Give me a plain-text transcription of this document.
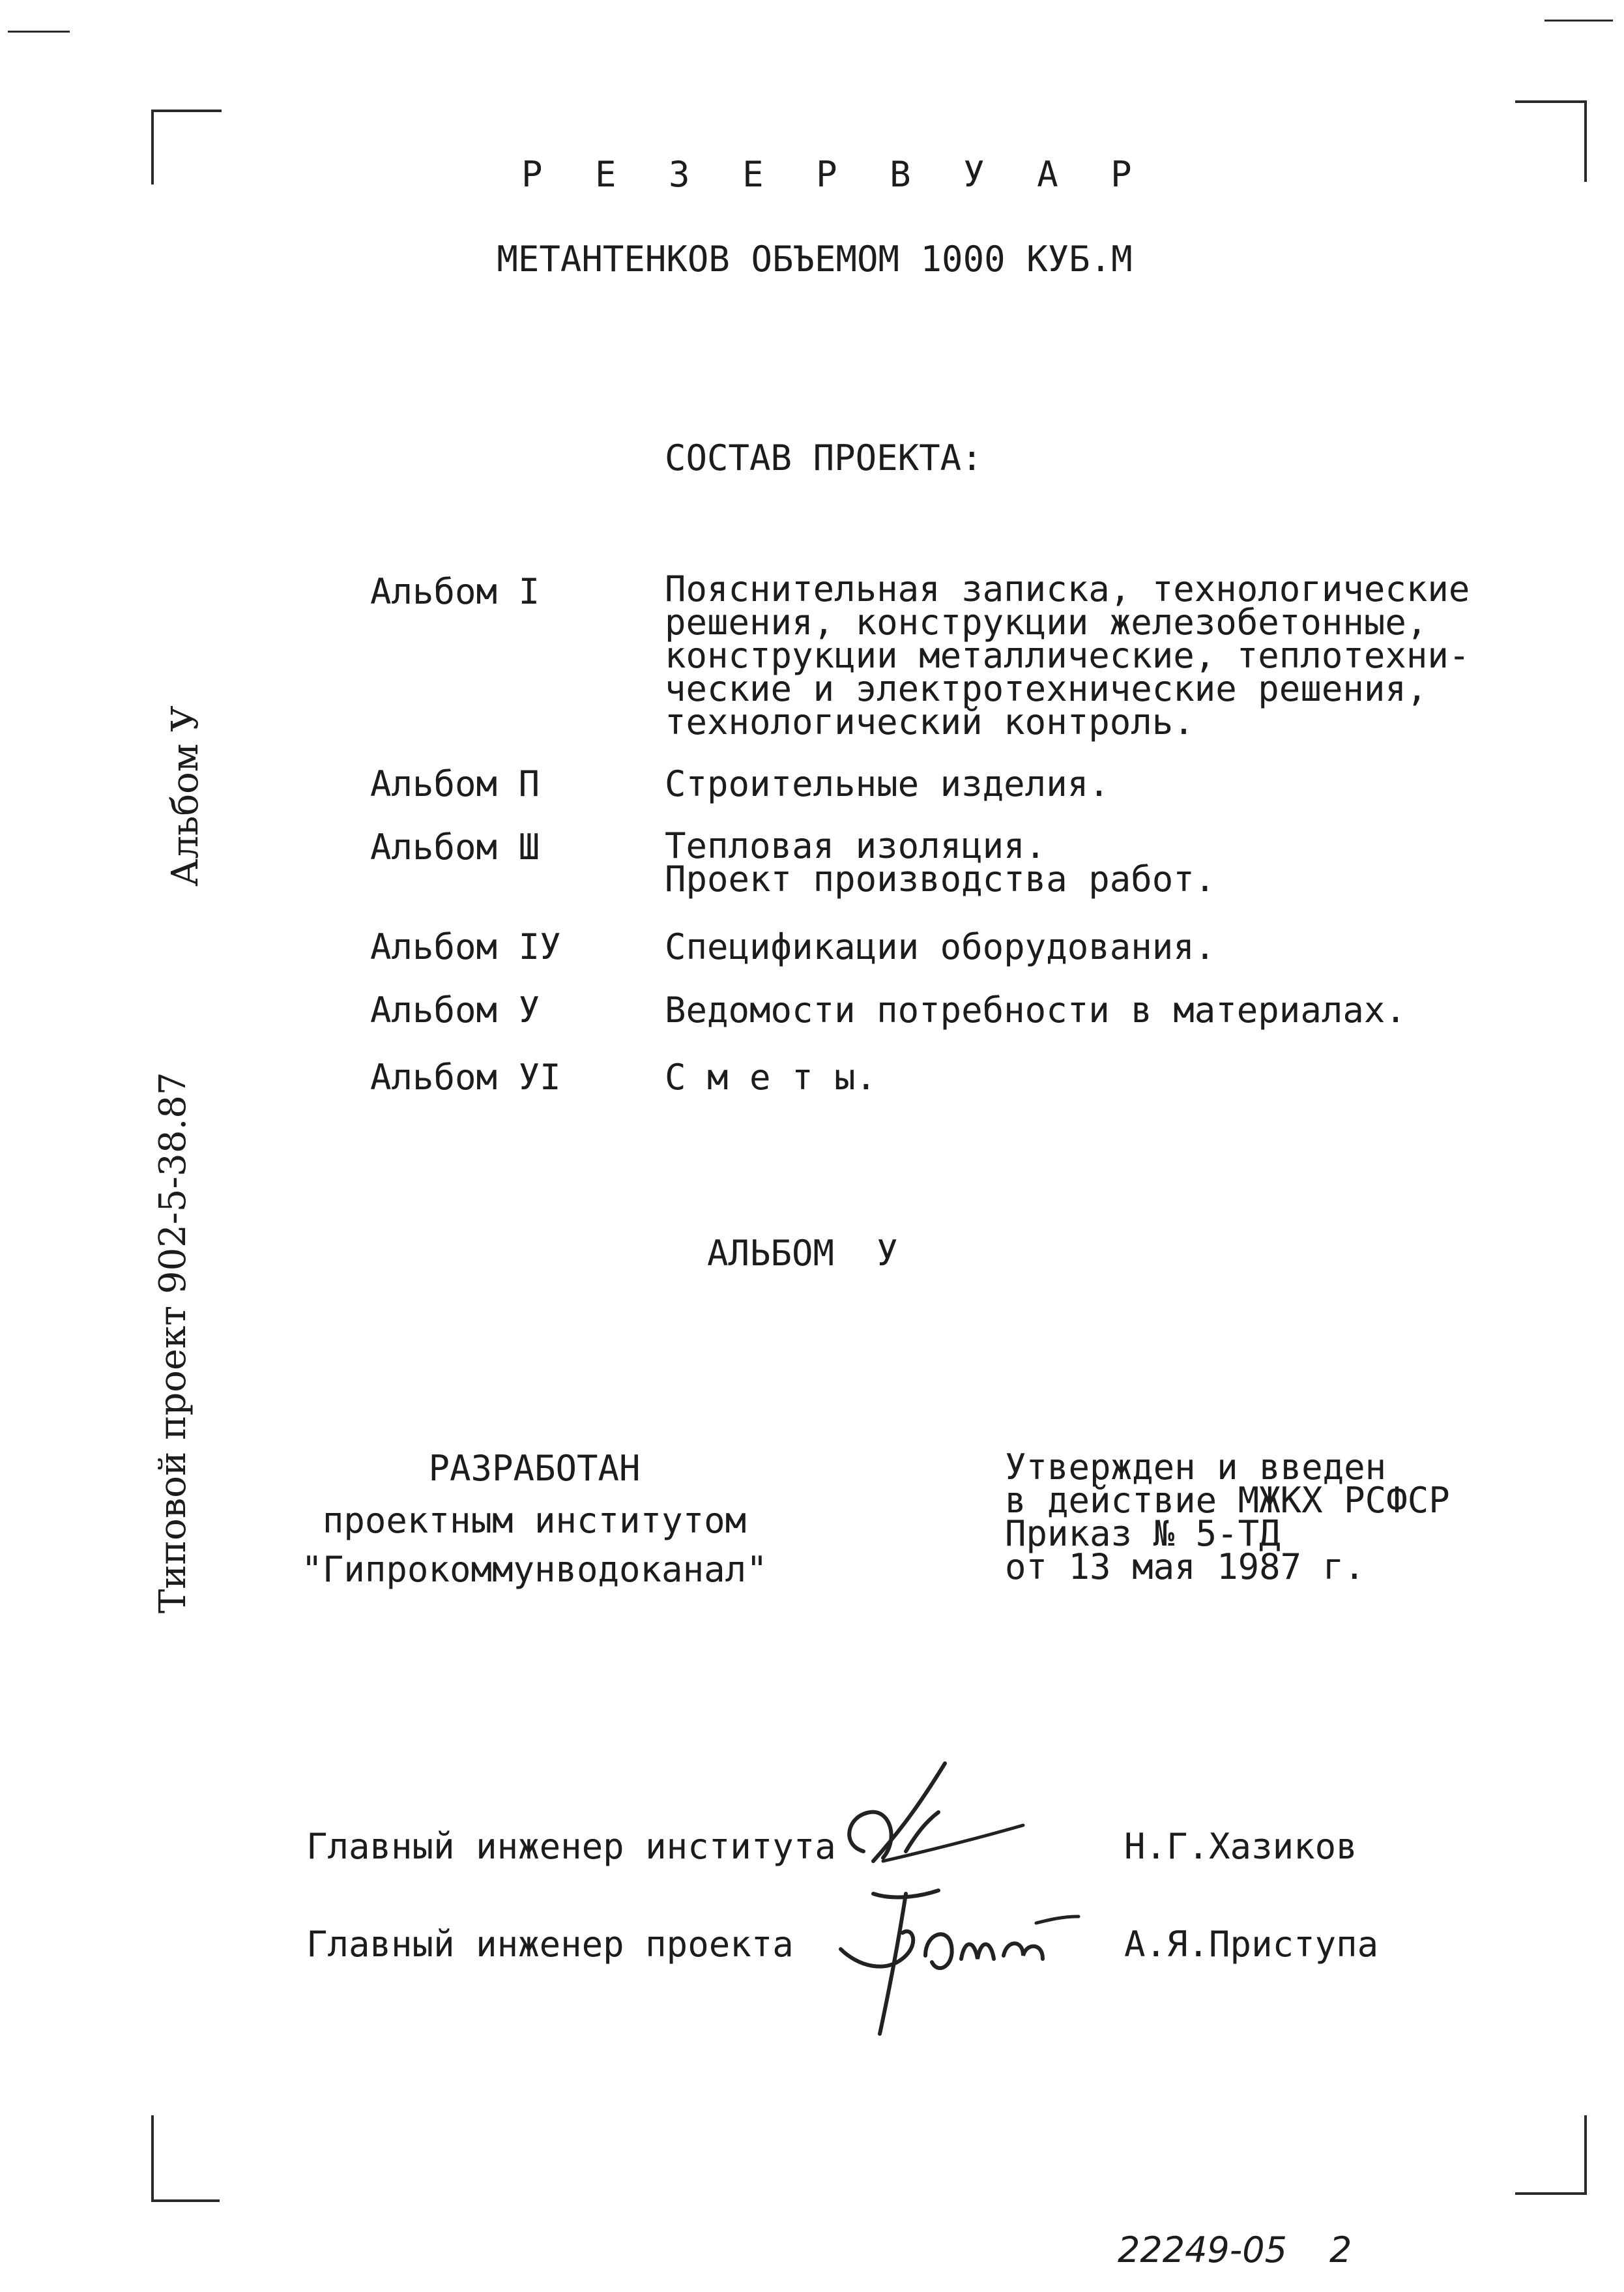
Р Е З Е Р В У А Р
МЕТАНТЕНКОВ ОБЪЕМОМ 1000 КУБ.М
СОСТАВ ПРОЕКТА:
Альбом I	Пояснительная записка, технологические
решения, конструкции железобетонные,
конструкции металлические, теплотехни-
ческие и электротехнические решения,
технологический контроль.
Альбом П	Строительные изделия.
Альбом Ш	Тепловая изоляция.
Проект производства работ.
Альбом IУ	Спецификации оборудования.
Альбом У	Ведомости потребности в материалах.
Альбом УI	С м е т ы.
АЛЬБОМ  У
РАЗРАБОТАН
проектным институтом
"Гипрокоммунводоканал"
Утвержден и введен
в действие МЖКХ РСФСР
Приказ № 5-ТД
от 13 мая 1987 г.
Главный инженер института	Н.Г.Хазиков
Главный инженер проекта	А.Я.Приступа
Типовой проект 902-5-38.87
Альбом У
22249-05 2
